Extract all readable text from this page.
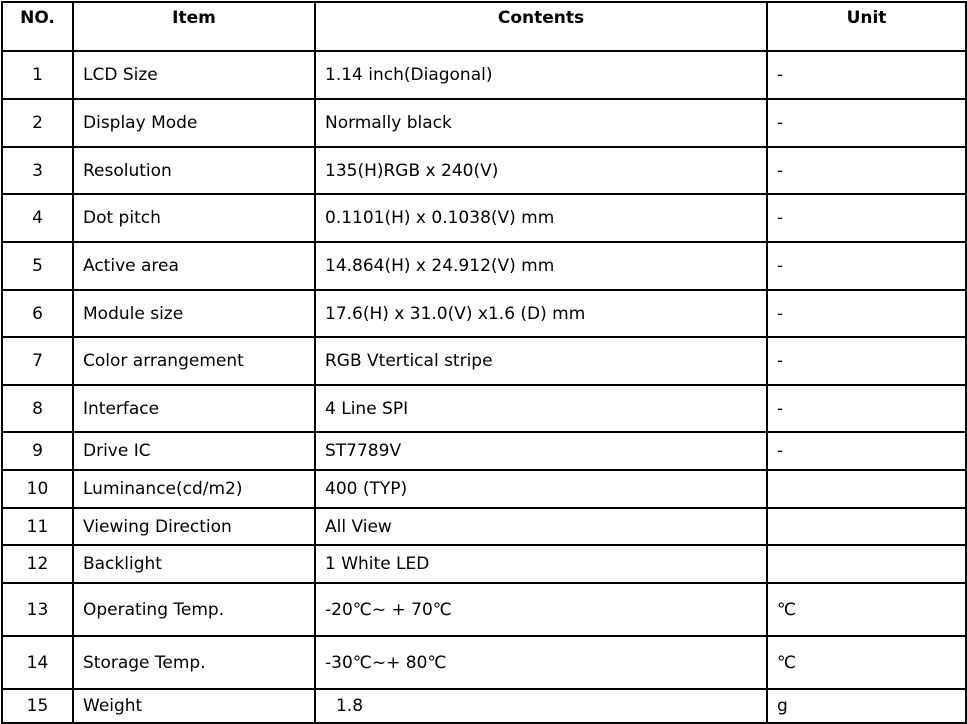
NO.	Item	Contents	Unit
1	LCD Size	1.14 inch(Diagonal)	-
2	Display Mode	Normally black	-
3	Resolution	135(H)RGB x 240(V)	-
4	Dot pitch	0.1101(H) x 0.1038(V) mm	-
5	Active area	14.864(H) x 24.912(V) mm	-
6	Module size	17.6(H) x 31.0(V) x1.6 (D) mm	-
7	Color arrangement	RGB Vtertical stripe	-
8	Interface	4 Line SPI	-
9	Drive IC	ST7789V	-
10	Luminance(cd/m2)	400 (TYP)	
11	Viewing Direction	All View	
12	Backlight	1 White LED	
13	Operating Temp.	-20℃~ + 70℃	℃
14	Storage Temp.	-30℃~+ 80℃	℃
15	Weight	1.8	g
